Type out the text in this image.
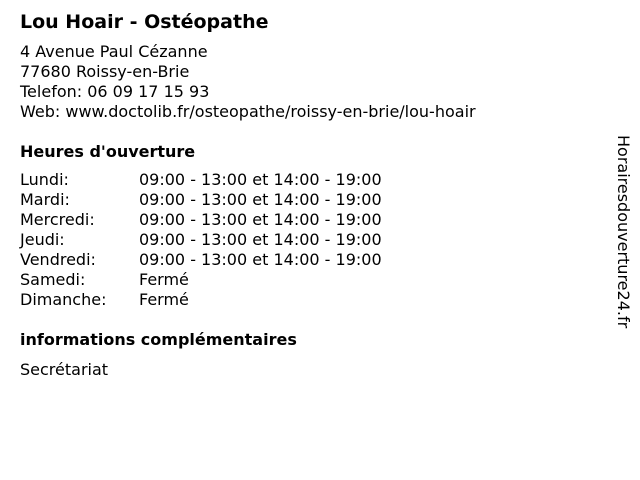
Lou Hoair - Ostéopathe
4 Avenue Paul Cézanne
77680 Roissy-en-Brie
Telefon: 06 09 17 15 93
Web: www.doctolib.fr/osteopathe/roissy-en-brie/lou-hoair
Heures d'ouverture
Lundi:	09:00 - 13:00 et 14:00 - 19:00
Mardi:	09:00 - 13:00 et 14:00 - 19:00
Mercredi:	09:00 - 13:00 et 14:00 - 19:00
Jeudi:	09:00 - 13:00 et 14:00 - 19:00
Vendredi:	09:00 - 13:00 et 14:00 - 19:00
Samedi:	Fermé
Dimanche:	Fermé
informations complémentaires
Secrétariat
Horairesdouverture24.fr
